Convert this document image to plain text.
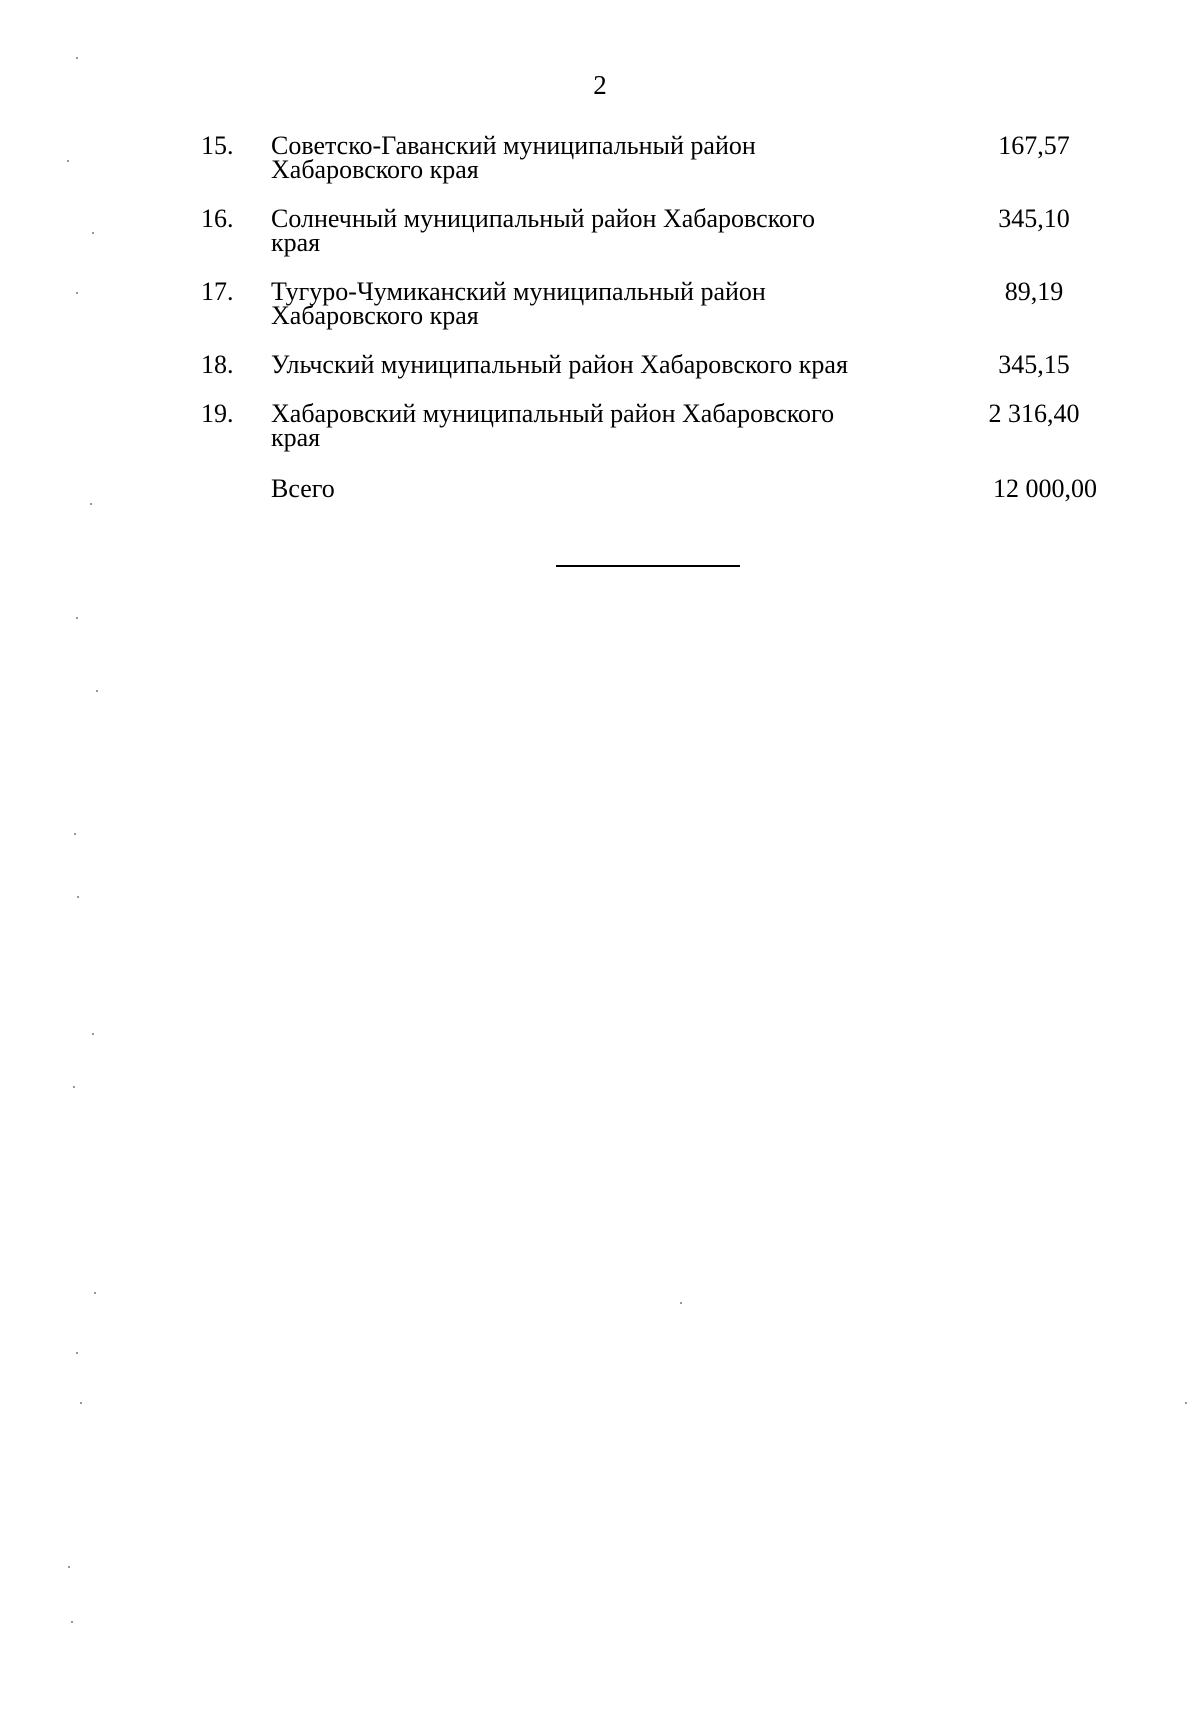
2
15. Советско-Гаванский муниципальный район
Хабаровского края
167,57
16. Солнечный муниципальный район Хабаровского
края
345,10
17. Тугуро-Чумиканский муниципальный район
Хабаровского края
89,19
18. Ульчский муниципальный район Хабаровского края	345,15
19. Хабаровский муниципальный район Хабаровского
края
2 316,40
Всего	12 000,00
